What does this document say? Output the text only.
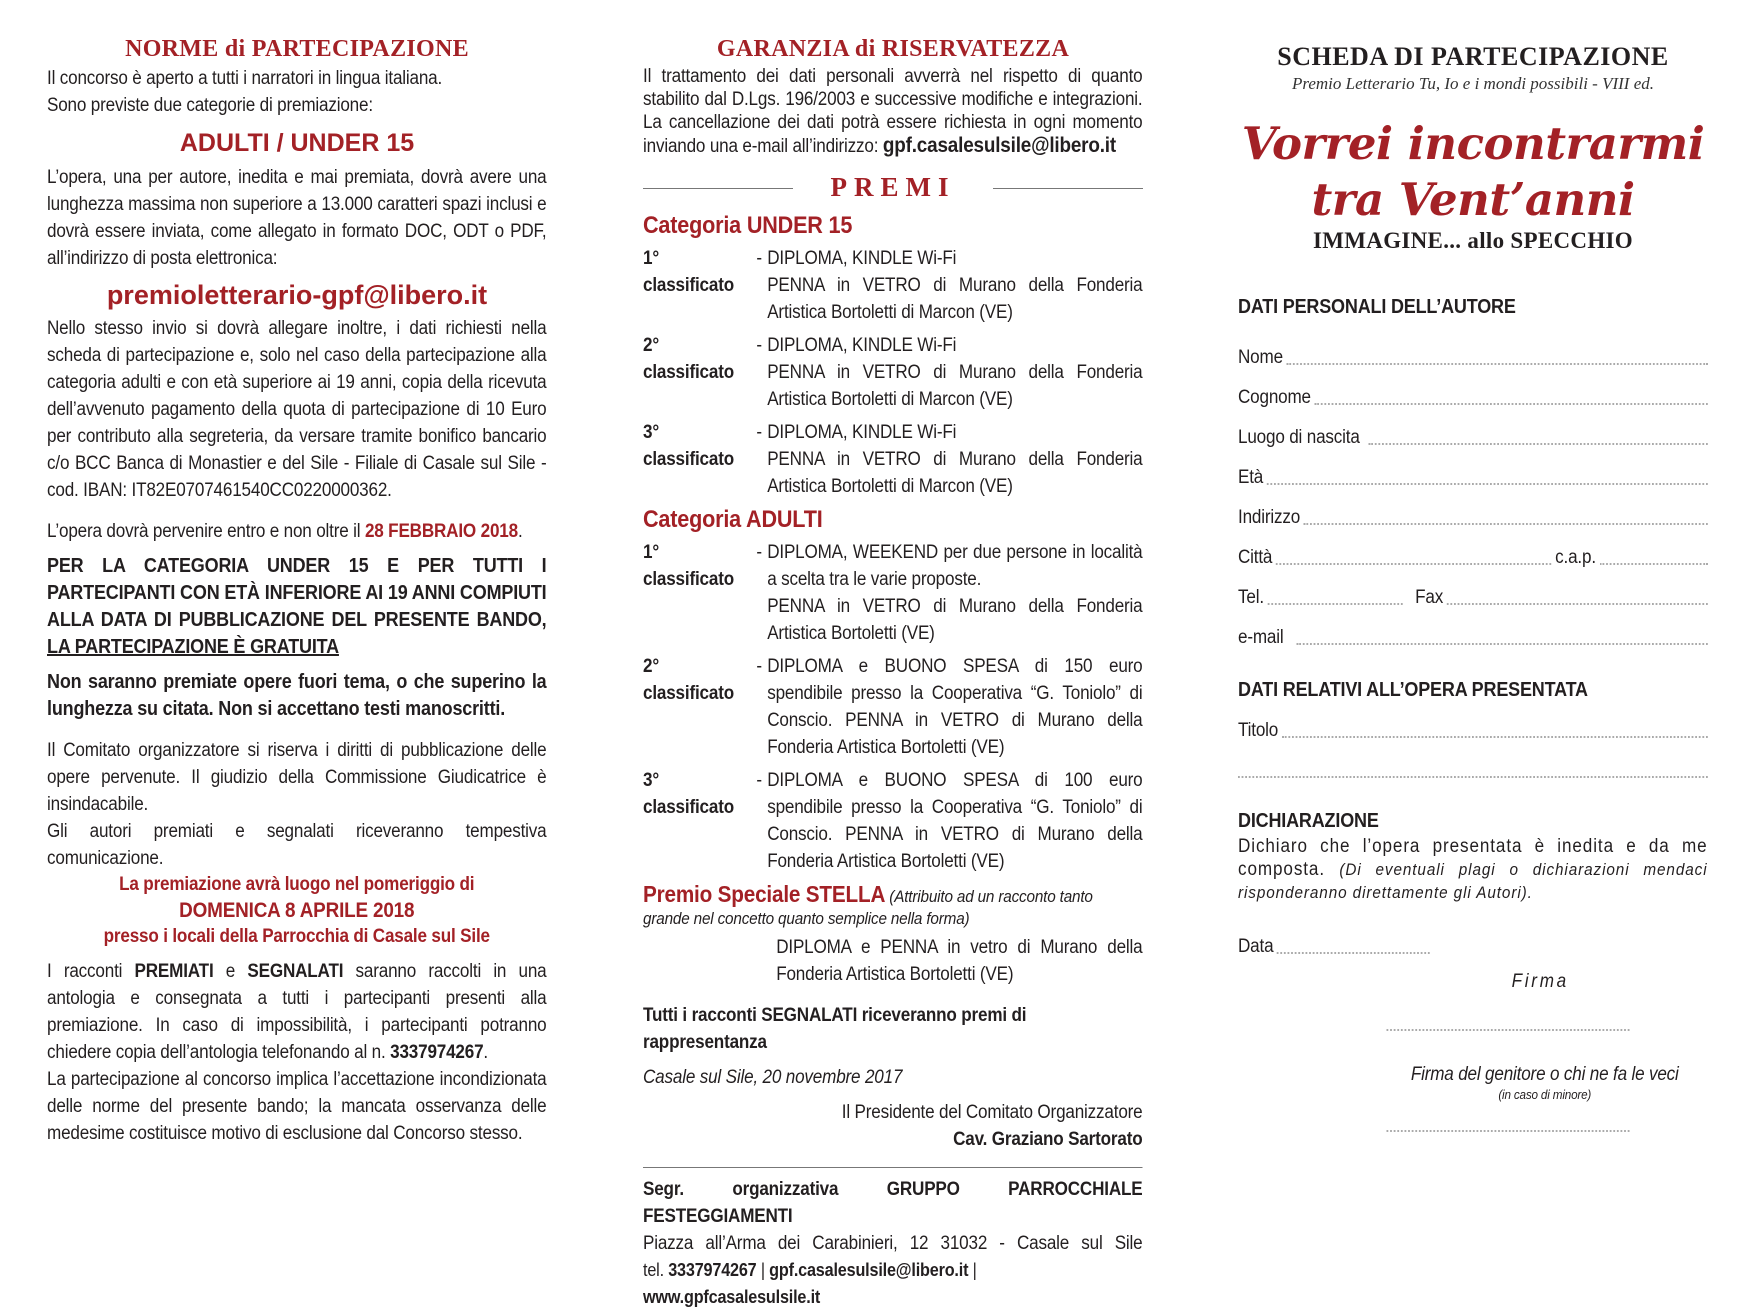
NORME di PARTECIPAZIONE

Il concorso è aperto a tutti i narratori in lingua italiana.

Sono previste due categorie di premiazione:

ADULTI / UNDER 15

L’opera, una per autore, inedita e mai premiata, dovrà avere una lunghezza massima non superiore a 13.000 caratteri spazi inclusi e dovrà essere inviata, come allegato in formato DOC, ODT o PDF, all’indirizzo di posta elettronica:

premioletterario-gpf@libero.it

Nello stesso invio si dovrà allegare inoltre, i dati richiesti nella scheda di partecipazione e, solo nel caso della partecipazione alla categoria adulti e con età superiore ai 19 anni, copia della ricevuta dell’avvenuto pagamento della quota di partecipazione di 10 Euro per contributo alla segreteria, da versare tramite bonifico bancario c/o BCC Banca di Monastier e del Sile - Filiale di Casale sul Sile - cod. IBAN: IT82E0707461540CC0220000362.

L’opera dovrà pervenire entro e non oltre il 28 FEBBRAIO 2018.

PER LA CATEGORIA UNDER 15 E PER TUTTI I PARTECIPANTI CON ETÀ INFERIORE AI 19 ANNI COMPIUTI ALLA DATA DI PUBBLICAZIONE DEL PRESENTE BANDO, LA PARTECIPAZIONE È GRATUITA

Non saranno premiate opere fuori tema, o che superino la lunghezza su citata. Non si accettano testi manoscritti.

Il Comitato organizzatore si riserva i diritti di pubblicazione delle opere pervenute. Il giudizio della Commissione Giudicatrice è insindacabile.

Gli autori premiati e segnalati riceveranno tempestiva comunicazione.

La premiazione avrà luogo nel pomeriggio di
DOMENICA 8 APRILE 2018
presso i locali della Parrocchia di Casale sul Sile

I racconti PREMIATI e SEGNALATI saranno raccolti in una antologia e consegnata a tutti i partecipanti presenti alla premiazione. In caso di impossibilità, i partecipanti potranno chiedere copia dell’antologia telefonando al n. 3337974267.

La partecipazione al concorso implica l’accettazione incondizionata delle norme del presente bando; la mancata osservanza delle medesime costituisce motivo di esclusione dal Concorso stesso.

GARANZIA di RISERVATEZZA

Il trattamento dei dati personali avverrà nel rispetto di quanto stabilito dal D.Lgs. 196/2003 e successive modifiche e integrazioni. La cancellazione dei dati potrà essere richiesta in ogni momento inviando una e-mail all’indirizzo: gpf.casalesulsile@libero.it

PREMI
Categoria UNDER 15
1° classificato
- DIPLOMA, KINDLE Wi-Fi
PENNA in VETRO di Murano della Fonderia Artistica Bortoletti di Marcon (VE)
2° classificato
- DIPLOMA, KINDLE Wi-Fi
PENNA in VETRO di Murano della Fonderia Artistica Bortoletti di Marcon (VE)
3° classificato
- DIPLOMA, KINDLE Wi-Fi
PENNA in VETRO di Murano della Fonderia Artistica Bortoletti di Marcon (VE)
Categoria ADULTI
1° classificato
- DIPLOMA, WEEKEND per due persone in località a scelta tra le varie proposte.
PENNA in VETRO di Murano della Fonderia Artistica Bortoletti (VE)
2° classificato
- DIPLOMA e BUONO SPESA di 150 euro spendibile presso la Cooperativa “G. Toniolo” di Conscio. PENNA in VETRO di Murano della Fonderia Artistica Bortoletti (VE)
3° classificato
- DIPLOMA e BUONO SPESA di 100 euro spendibile presso la Cooperativa “G. Toniolo” di Conscio. PENNA in VETRO di Murano della Fonderia Artistica Bortoletti (VE)
Premio Speciale STELLA (Attribuito ad un racconto tanto grande nel concetto quanto semplice nella forma)
DIPLOMA e PENNA in vetro di Murano della Fonderia Artistica Bortoletti (VE)

Tutti i racconti SEGNALATI riceveranno premi di rappresentanza

Casale sul Sile, 20 novembre 2017

Il Presidente del Comitato Organizzatore

Cav. Graziano Sartorato

Segr. organizzativa GRUPPO PARROCCHIALE FESTEGGIAMENTI

Piazza all’Arma dei Carabinieri, 12 31032 - Casale sul Sile

tel. 3337974267 | gpf.casalesulsile@libero.it | www.gpfcasalesulsile.it

SCHEDA DI PARTECIPAZIONE
Premio Letterario Tu, Io e i mondi possibili - VIII ed.
Vorrei incontrarmi
tra Vent’anni
IMMAGINE... allo SPECCHIO
DATI PERSONALI DELL’AUTORE
Nome
Cognome
Luogo di nascita
Età
Indirizzo
Città	c.a.p.
Tel.	Fax
e-mail
DATI RELATIVI ALL’OPERA PRESENTATA
Titolo
DICHIARAZIONE

Dichiaro che l’opera presentata è inedita e da me composta. (Di eventuali plagi o dichiarazioni mendaci risponderanno direttamente gli Autori).

Data
Firma
Firma del genitore o chi ne fa le veci
(in caso di minore)
